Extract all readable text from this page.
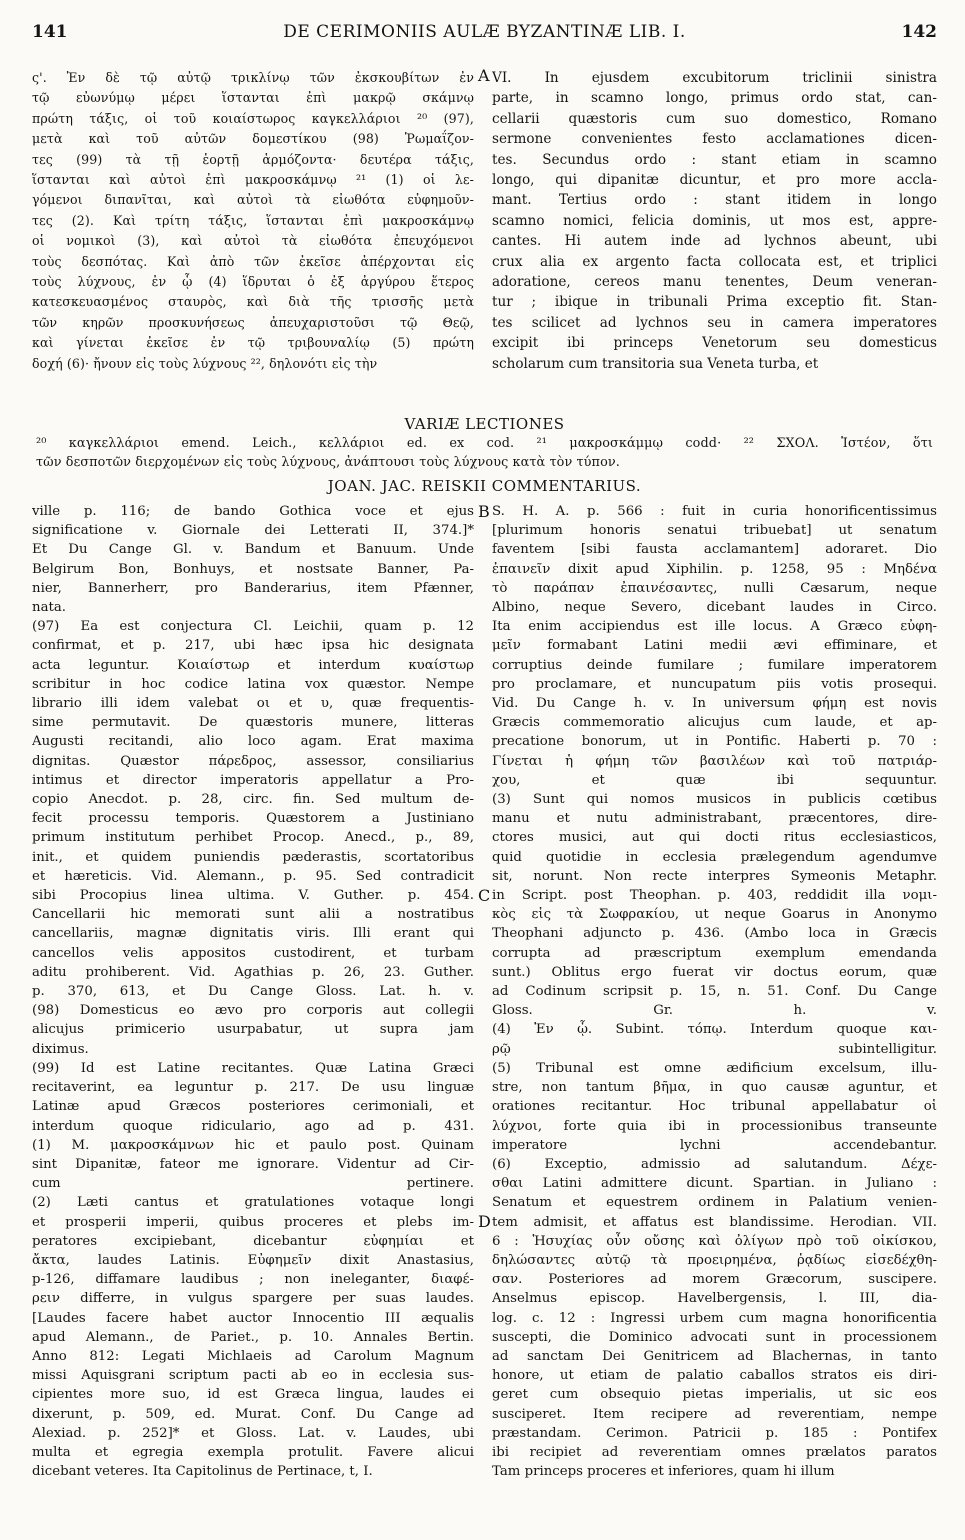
141	DE CERIMONIIS AULÆ BYZANTINÆ LIB. I.	142
ς'. Ἐν δὲ τῷ αὐτῷ τρικλίνῳ τῶν ἐκσκουβίτων ἐν
τῷ εὐωνύμῳ μέρει ἵστανται ἐπὶ μακρῷ σκάμνῳ
πρώτη τάξις, οἱ τοῦ κοιαίστωρος καγκελλάριοι ²⁰ (97),
μετὰ καὶ τοῦ αὐτῶν δομεστίκου (98) Ῥωμαΐζον-
τες (99) τὰ τῇ ἑορτῇ ἁρμόζοντα· δευτέρα τάξις,
ἵστανται καὶ αὐτοὶ ἐπὶ μακροσκάμνῳ ²¹ (1) οἱ λε-
γόμενοι διπανῖται, καὶ αὐτοὶ τὰ εἰωθότα εὐφημοῦν-
τες (2). Καὶ τρίτη τάξις, ἵστανται ἐπὶ μακροσκάμνῳ
οἱ νομικοὶ (3), καὶ αὐτοὶ τὰ εἰωθότα ἐπευχόμενοι
τοὺς δεσπότας. Καὶ ἀπὸ τῶν ἐκεῖσε ἀπέρχονται εἰς
τοὺς λύχνους, ἐν ᾧ (4) ἵδρυται ὁ ἐξ ἀργύρου ἕτερος
κατεσκευασμένος σταυρὸς, καὶ διὰ τῆς τρισσῆς μετὰ
τῶν κηρῶν προσκυνήσεως ἀπευχαριστοῦσι τῷ Θεῷ,
καὶ γίνεται ἐκεῖσε ἐν τῷ τριβουναλίῳ (5) πρώτη
δοχή (6)· ἤνουν εἰς τοὺς λύχνους ²², δηλονότι εἰς τὴν
A VI. In ejusdem excubitorum triclinii sinistra
parte, in scamno longo, primus ordo stat, can-
cellarii quæstoris cum suo domestico, Romano
sermone convenientes festo acclamationes dicen-
tes. Secundus ordo : stant etiam in scamno
longo, qui dipanitæ dicuntur, et pro more accla-
mant. Tertius ordo : stant itidem in longo
scamno nomici, felicia dominis, ut mos est, appre-
cantes. Hi autem inde ad lychnos abeunt, ubi
crux alia ex argento facta collocata est, et triplici
adoratione, cereos manu tenentes, Deum veneran-
tur ; ibique in tribunali Prima exceptio fit. Stan-
tes scilicet ad lychnos seu in camera imperatores
excipit ibi princeps Venetorum seu domesticus
scholarum cum transitoria sua Veneta turba, et
VARIÆ LECTIONES
²⁰ καγκελλάριοι emend. Leich., κελλάριοι ed. ex cod. ²¹ μακροσκάμμῳ codd· ²² ΣΧΟΛ. Ἰστέον, ὅτι
τῶν δεσποτῶν διερχομένων εἰς τοὺς λύχνους, ἀνάπτουσι τοὺς λύχνους κατὰ τὸν τύπον.
JOAN. JAC. REISKII COMMENTARIUS.
ville p. 116; de bando Gothica voce et ejus
significatione v. Giornale dei Letterati II, 374.]*
Et Du Cange Gl. v. Bandum et Banuum. Unde
Belgirum Bon, Bonhuys, et nostsate Banner, Pa-
nier, Bannerherr, pro Banderarius, item Pfænner,
nata.
(97) Ea est conjectura Cl. Leichii, quam p. 12
confirmat, et p. 217, ubi hæc ipsa hic designata
acta leguntur. Κοιαίστωρ et interdum κυαίστωρ
scribitur in hoc codice latina vox quæstor. Nempe
librario illi idem valebat οι et υ, quæ frequentis-
sime permutavit. De quæstoris munere, litteras
Augusti recitandi, alio loco agam. Erat maxima
dignitas. Quæstor πάρεδρος, assessor, consiliarius
intimus et director imperatoris appellatur a Pro-
copio Anecdot. p. 28, circ. fin. Sed multum de-
fecit processu temporis. Quæstorem a Justiniano
primum institutum perhibet Procop. Anecd., p., 89,
init., et quidem puniendis pæderastis, scortatoribus
et hæreticis. Vid. Alemann., p. 95. Sed contradicit
sibi Procopius linea ultima. V. Guther. p. 454.
Cancellarii hic memorati sunt alii a nostratibus
cancellariis, magnæ dignitatis viris. Illi erant qui
cancellos velis appositos custodirent, et turbam
aditu prohiberent. Vid. Agathias p. 26, 23. Guther.
p. 370, 613, et Du Cange Gloss. Lat. h. v.
(98) Domesticus eo ævo pro corporis aut collegii
alicujus primicerio usurpabatur, ut supra jam
diximus.
(99) Id est Latine recitantes. Quæ Latina Græci
recitaverint, ea leguntur p. 217. De usu linguæ
Latinæ apud Græcos posteriores cerimoniali, et
interdum quoque ridiculario, ago ad p. 431.
(1) M. μακροσκάμνων hic et paulo post. Quinam
sint Dipanitæ, fateor me ignorare. Videntur ad Cir-
cum pertinere.
(2) Læti cantus et gratulationes votaque longi
et prosperii imperii, quibus proceres et plebs im-
peratores excipiebant, dicebantur εὐφημίαι et
ἄκτα, laudes Latinis. Εὐφημεῖν dixit Anastasius,
p-126, diffamare laudibus ; non ineleganter, διαφέ-
ρειν differre, in vulgus spargere per suas laudes.
[Laudes facere habet auctor Innocentio III æqualis
apud Alemann., de Pariet., p. 10. Annales Bertin.
Anno 812: Legati Michlaeis ad Carolum Magnum
missi Aquisgrani scriptum pacti ab eo in ecclesia sus-
cipientes more suo, id est Græca lingua, laudes ei
dixerunt, p. 509, ed. Murat. Conf. Du Cange ad
Alexiad. p. 252]* et Gloss. Lat. v. Laudes, ubi
multa et egregia exempla protulit. Favere alicui
dicebant veteres. Ita Capitolinus de Pertinace, t, I.
B
C
D
S. H. A. p. 566 : fuit in curia honorificentissimus
[plurimum honoris senatui tribuebat] ut senatum
faventem [sibi fausta acclamantem] adoraret. Dio
ἐπαινεῖν dixit apud Xiphilin. p. 1258, 95 : Μηδένα
τὸ παράπαν ἐπαινέσαντες, nulli Cæsarum, neque
Albino, neque Severo, dicebant laudes in Circo.
Ita enim accipiendus est ille locus. A Græco εὐφη-
μεῖν formabant Latini medii ævi effiminare, et
corruptius deinde fumilare ; fumilare imperatorem
pro proclamare, et nuncupatum piis votis prosequi.
Vid. Du Cange h. v. In universum φήμη est novis
Græcis commemoratio alicujus cum laude, et ap-
precatione bonorum, ut in Pontific. Haberti p. 70 :
Γίνεται ἡ φήμη τῶν βασιλέων καὶ τοῦ πατριάρ-
χου, et quæ ibi sequuntur.
(3) Sunt qui nomos musicos in publicis cœtibus
manu et nutu administrabant, præcentores, dire-
ctores musici, aut qui docti ritus ecclesiasticos,
quid quotidie in ecclesia prælegendum agendumve
sit, norunt. Non recte interpres Symeonis Metaphr.
in Script. post Theophan. p. 403, reddidit illa νομι-
κὸς εἰς τὰ Σωφρακίου, ut neque Goarus in Anonymo
Theophani adjuncto p. 436. (Ambo loca in Græcis
corrupta ad præscriptum exemplum emendanda
sunt.) Oblitus ergo fuerat vir doctus eorum, quæ
ad Codinum scripsit p. 15, n. 51. Conf. Du Cange
Gloss. Gr. h. v.
(4) Ἐν ᾧ. Subint. τόπῳ. Interdum quoque και-
ρῷ subintelligitur.
(5) Tribunal est omne ædificium excelsum, illu-
stre, non tantum βῆμα, in quo causæ aguntur, et
orationes recitantur. Hoc tribunal appellabatur οἱ
λύχνοι, forte quia ibi in processionibus transeunte
imperatore lychni accendebantur.
(6) Exceptio, admissio ad salutandum. Δέχε-
σθαι Latini admittere dicunt. Spartian. in Juliano :
Senatum et equestrem ordinem in Palatium venien-
tem admisit, et affatus est blandissime. Herodian. VII.
6 : Ἡσυχίας οὖν οὔσης καὶ ὀλίγων πρὸ τοῦ οἰκίσκου,
δηλώσαντες αὐτῷ τὰ προειρημένα, ῥᾳδίως εἰσεδέχθη-
σαν. Posteriores ad morem Græcorum, suscipere.
Anselmus episcop. Havelbergensis, l. III, dia-
log. c. 12 : Ingressi urbem cum magna honorificentia
suscepti, die Dominico advocati sunt in processionem
ad sanctam Dei Genitricem ad Blachernas, in tanto
honore, ut etiam de palatio caballos stratos eis diri-
geret cum obsequio pietas imperialis, ut sic eos
susciperet. Item recipere ad reverentiam, nempe
præstandam. Cerimon. Patricii p. 185 : Pontifex
ibi recipiet ad reverentiam omnes prælatos paratos
Tam princeps proceres et inferiores, quam hi illum
